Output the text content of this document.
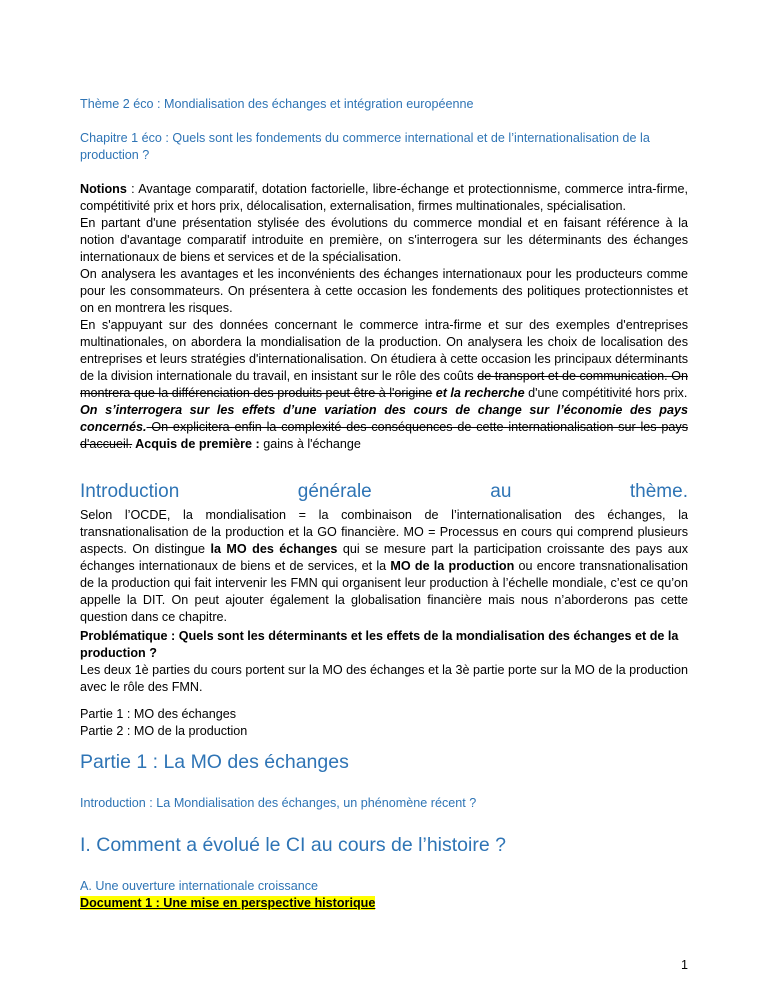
Thème 2 éco : Mondialisation des échanges et intégration européenne

Chapitre 1 éco : Quels sont les fondements du commerce international et de l’internationalisation de la production ?

Notions : Avantage comparatif, dotation factorielle, libre-échange et protectionnisme, commerce intra-firme, compétitivité prix et hors prix, délocalisation, externalisation, firmes multinationales, spécialisation.

En partant d'une présentation stylisée des évolutions du commerce mondial et en faisant référence à la notion d'avantage comparatif introduite en première, on s'interrogera sur les déterminants des échanges internationaux de biens et services et de la spécialisation.

On analysera les avantages et les inconvénients des échanges internationaux pour les producteurs comme pour les consommateurs. On présentera à cette occasion les fondements des politiques protectionnistes et on en montrera les risques.

En s'appuyant sur des données concernant le commerce intra-firme et sur des exemples d'entreprises multinationales, on abordera la mondialisation de la production. On analysera les choix de localisation des entreprises et leurs stratégies d'internationalisation. On étudiera à cette occasion les principaux déterminants de la division internationale du travail, en insistant sur le rôle des coûts de transport et de communication. On montrera que la différenciation des produits peut être à l'origine et la recherche d'une compétitivité hors prix.

On s’interrogera sur les effets d’une variation des cours de change sur l’économie des pays concernés. On explicitera enfin la complexité des conséquences de cette internationalisation sur les pays d'accueil. Acquis de première : gains à l'échange

Introduction	générale	au	thème.

Selon l’OCDE, la mondialisation = la combinaison de l’internationalisation des échanges, la transnationalisation de la production et la GO financière. MO = Processus en cours qui comprend plusieurs aspects. On distingue la MO des échanges qui se mesure part la participation croissante des pays aux échanges internationaux de biens et de services, et la MO de la production ou encore transnationalisation de la production qui fait intervenir les FMN qui organisent leur production à l’échelle mondiale, c’est ce qu’on appelle la DIT. On peut ajouter également la globalisation financière mais nous n’aborderons pas cette question dans ce chapitre.

Problématique : Quels sont les déterminants et les effets de la mondialisation des échanges et de la production ?

Les deux 1è parties du cours portent sur la MO des échanges et la 3è partie porte sur la MO de la production avec le rôle des FMN.

Partie 1 : MO des échanges

Partie 2 : MO de la production

Partie 1 : La MO des échanges

Introduction : La Mondialisation des échanges, un phénomène récent ?

I. Comment a évolué le CI au cours de l’histoire ?

A. Une ouverture internationale croissance

Document 1 : Une mise en perspective historique

1
